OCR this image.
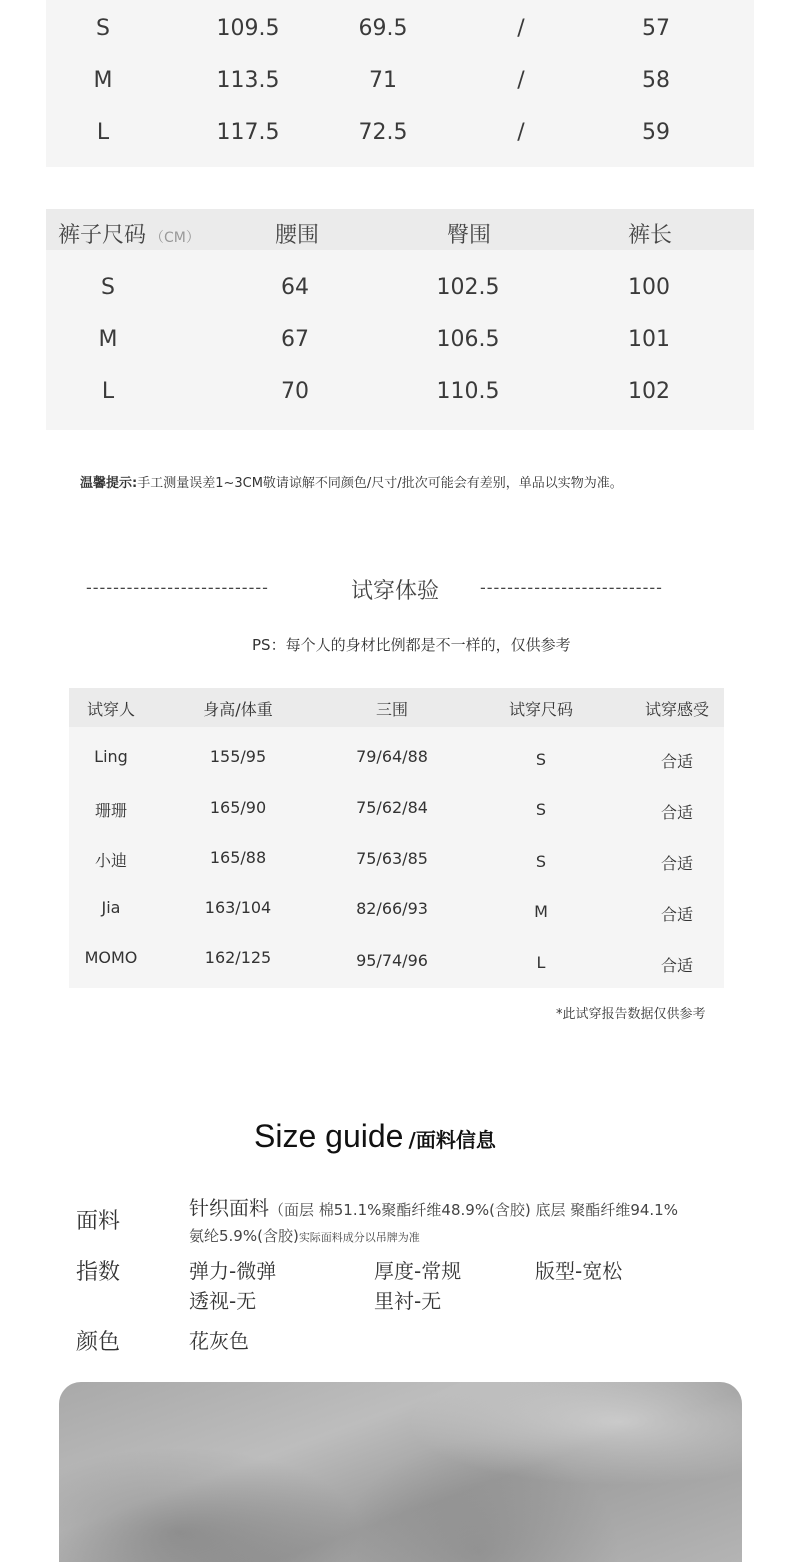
S	109.5	69.5	/	57
M	113.5	71	/	58
L	117.5	72.5	/	59
裤子尺码 （CM）	腰围	臀围	裤长
S	64	102.5	100
M	67	106.5	101
L	70	110.5	102
温馨提示:手工测量误差1~3CM敬请谅解不同颜色/尺寸/批次可能会有差别，单品以实物为准。
---------------------------	试穿体验	---------------------------
PS：每个人的身材比例都是不一样的，仅供参考
试穿人	身高/体重	三围	试穿尺码	试穿感受
Ling	155/95	79/64/88	S	合适
珊珊	165/90	75/62/84	S	合适
小迪	165/88	75/63/85	S	合适
Jia	163/104	82/66/93	M	合适
MOMO	162/125	95/74/96	L	合适
*此试穿报告数据仅供参考
Size guide /面料信息
面料
针织面料（面层 棉51.1%聚酯纤维48.9%(含胶) 底层 聚酯纤维94.1%
氨纶5.9%(含胶)实际面料成分以吊牌为准
指数	弹力-微弹	厚度-常规	版型-宽松
透视-无	里衬-无
颜色	花灰色
